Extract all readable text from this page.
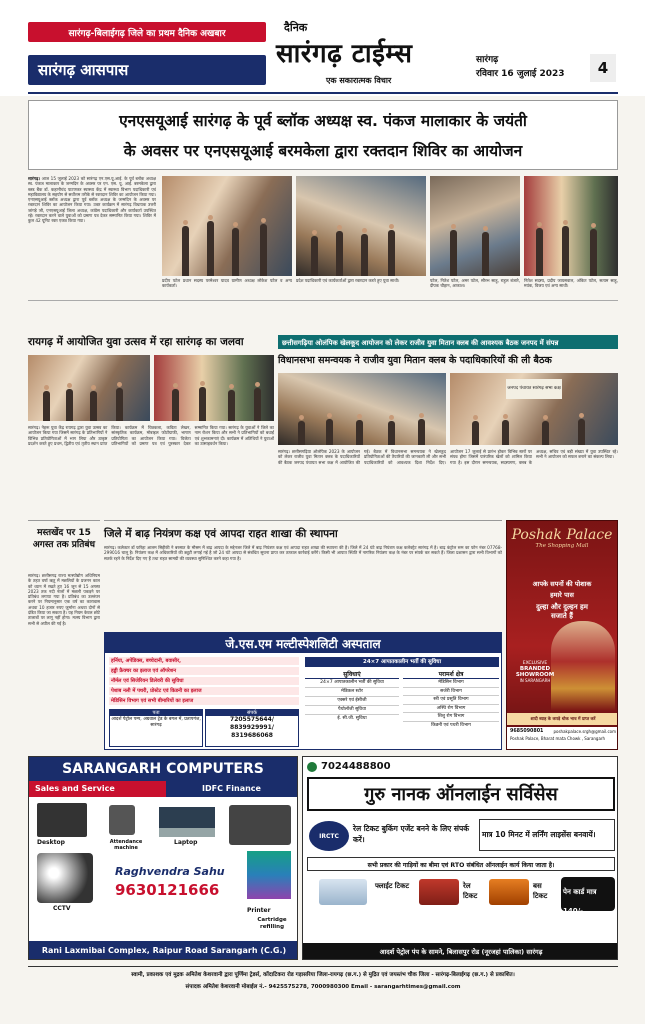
सारंगढ़-बिलाईगढ़ जिले का प्रथम दैनिक अखबार
सारंगढ़ आसपास
दैनिक
सारंगढ़ टाईम्स
एक सकारात्मक विचार
सारंगढ़
रविवार 16 जुलाई 2023 4
एनएसयूआई सारंगढ़ के पूर्व ब्लॉक अध्यक्ष स्व. पंकज मालाकार के जयंती
के अवसर पर एनएसयूआई बरमकेला द्वारा रक्तदान शिविर का आयोजन
सारंगढ़। आज 15 जुलाई 2023 को सारंगढ़ एन.एस.यू.आई. के पूर्व ब्लॉक अध्यक्ष स्व. पंकज मालाकार के जन्मदिन के अवसर पर एन. एस. यू. आई. बरमकेला द्वारा ब्लड बैंक डॉ. कहानीचंद पाटणकर स्वास्थ्य केंद्र में स्वास्थ्य विभाग पदाधिकारी एवं महाविद्यालय के सहयोग से सर्वोत्तम तरीके से रक्तदान शिविर का आयोजन किया गया। एनएसयूआई ब्लॉक अध्यक्ष द्वारा पूर्व ब्लॉक अध्यक्ष के जन्मदिन के अवसर पर रक्तदान शिविर का आयोजन किया गया। उक्त कार्यक्रम में सारंगढ़ विधायक उत्तरी जांगड़े जी, एनएसयूआई जिला अध्यक्ष, कांग्रेस पदाधिकारी और कार्यकर्ता उपस्थित रहे। रक्तदान करने वाले युवाओं को प्रमाण पत्र देकर सम्मानित किया गया। शिविर में कुल 42 यूनिट रक्त एकत्र किया गया।
प्रदीप पटेल प्रधान सदस्य परमेश्वर यादव ग्रामीण अध्यक्ष लोकेश पटेल व अन्य कार्यकर्ता।
प्रदेश पदाधिकारी एवं कार्यकर्ताओं द्वारा रक्तदान करते हुए युवा साथी।	पटेल, नितेश पटेल, अमर पटेल, सौरभ साहू, राहुल बंजारे, दीपक चौहान, आकाश।
नितेश सदस्य, प्रदीप जायसवाल, अंकित पटेल, सत्यम साहू, मयंक, विजय एवं अन्य साथी।
रायगढ़ में आयोजित युवा उत्सव में रहा सारंगढ़ का जलवा
सारंगढ़। नेहरू युवा केंद्र रायगढ़ द्वारा युवा उत्सव का आयोजन किया गया जिसमें सारंगढ़ के प्रतिभागियों ने विभिन्न प्रतियोगिताओं में भाग लिया और उत्कृष्ट प्रदर्शन करते हुए प्रथम, द्वितीय एवं तृतीय स्थान प्राप्त किया। कार्यक्रम में चित्रकला, कविता लेखन, सांस्कृतिक कार्यक्रम, मोबाइल फोटोग्राफी, भाषण प्रतियोगिता का आयोजन किया गया। विजेता प्रतिभागियों को प्रमाण पत्र एवं पुरस्कार देकर सम्मानित किया गया। सारंगढ़ के युवाओं ने जिले का नाम रोशन किया और सभी ने प्रतिभागियों को बधाई एवं शुभकामनाएं दी। कार्यक्रम में अतिथियों ने युवाओं का उत्साहवर्धन किया।
छत्तीसगढ़िया ओलंपिक खेलकूद आयोजन को लेकर राजीव युवा मितान क्लब की आवश्यक बैठक जनपद में संपन्न
विधानसभा समन्वयक ने राजीव युवा मितान क्लब के पदाधिकारियों की ली बैठक
जनपद पंचायत सारंगढ़ सभा कक्ष
सारंगढ़। छत्तीसगढ़िया ओलंपिक 2023 के आयोजन को लेकर राजीव युवा मितान क्लब के पदाधिकारियों की बैठक जनपद पंचायत सभा कक्ष में आयोजित की गई। बैठक में विधानसभा समन्वयक ने खेलकूद प्रतियोगिताओं की तैयारियों की जानकारी ली और सभी पदाधिकारियों को आवश्यक दिशा निर्देश दिए। आयोजन 17 जुलाई से प्रारंभ होकर विभिन्न स्तरों पर संपन्न होगा जिसमें पारंपरिक खेलों को शामिल किया गया है। इस दौरान समन्वयक, सदस्यगण, क्लब के अध्यक्ष, सचिव एवं बड़ी संख्या में युवा उपस्थित रहे। सभी ने आयोजन को सफल बनाने का संकल्प लिया।
मस्तखेंद पर 15 अगस्त तक प्रतिबंध
सारंगढ़। छत्तीसगढ़ राज्य मत्स्योद्योग अधिनियम के तहत वर्षा ऋतु में मछलियों के प्रजनन काल को ध्यान में रखते हुए 16 जून से 15 अगस्त 2023 तक नदी नालों में मछली पकड़ने पर प्रतिबंध लगाया गया है। प्रतिबंध का उल्लंघन करने पर नियमानुसार एक वर्ष का कारावास अथवा 10 हजार रुपए जुर्माना अथवा दोनों से दंडित किया जा सकता है। यह नियम केवल छोटे तालाबों पर लागू नहीं होगा। मत्स्य विभाग द्वारा सभी से अपील की गई है।
जिले में बाढ़ नियंत्रण कक्ष एवं आपदा राहत शाखा की स्थापना
सारंगढ़। कलेक्टर डॉ फरिहा आलम सिद्दीकी ने बरसात के मौसम में बाढ़ आपदा के मद्देनजर जिले में बाढ़ नियंत्रण कक्ष एवं आपदा राहत शाखा की स्थापना की है। जिले में 24 घंटे बाढ़ नियंत्रण कक्ष कलेक्ट्रेट सारंगढ़ में है। बाढ़ कंट्रोल रूम का फोन नंबर 07768-299016 चालू है। नियंत्रण कक्ष में अधिकारियों की ड्यूटी लगाई गई है जो 24 घंटे आपदा से संबंधित सूचना प्राप्त कर तत्काल कार्रवाई करेंगे। किसी भी आपात स्थिति में नागरिक नियंत्रण कक्ष के नंबर पर संपर्क कर सकते हैं। जिला प्रशासन द्वारा सभी विभागों को सतर्क रहने के निर्देश दिए गए हैं तथा राहत सामग्री की व्यवस्था सुनिश्चित करने कहा गया है।
जे.एस.एम मल्टीस्पेशलिटी अस्पताल
हर्निया, अपेंडिक्स, बच्चेदानी, बवासीर,
हड्डी फ्रैक्चर का इलाज एवं ऑपरेशन
नॉर्मल एवं सिजेरियन डिलेवरी की सुविधा
पेशाब नली में पथरी, प्रोस्टेट एवं किडनी का इलाज
मेडिसिन विभाग एवं सभी बीमारियों का इलाज
पता
आदर्श पेट्रोल पम्प, अग्रवाल ट्रेड के बगल में, प्रतापगंज, सारंगढ़
संपर्क
7205575644/
8839929991/
8319686068
24×7 आपातकालीन भर्ती की सुविधा
सुविधाएं
24×7 आपातकालीन भर्ती की सुविधा
मेडिकल स्टोर
एक्सरे एवं ईसीजी
पैथोलॉजी सुविधा
ई. सी.जी. सुविधा
परामर्श क्षेत्र
मेडिसिन विभाग
सर्जरी विभाग
स्त्री एवं प्रसूति विभाग
अस्थि रोग विभाग
शिशु रोग विभाग
किडनी एवं पथरी विभाग
Poshak Palace
The Shopping Mall
आपके सपनों की पोशाक
हमारे पास
दुल्हा और दुल्हन हम
सजाते हैं
EXCLUSIVE
BRANDED
SHOWROOM
IN SARANGARH
शादी ब्याह के कपड़े थोक भाव में प्राप्त करें
9685090801	poshakpalace.srgh@gmail.com
Poshak Palace, Bharat mata Chowk , Sarangarh
SARANGARH COMPUTERS
Sales and Service	IDFC Finance
Desktop	Attendance machine
Laptop
Printer
CCTV
Raghvendra Sahu
9630121666
Cartridge refilling
Rani Laxmibai Complex, Raipur Road Sarangarh (C.G.)
7024488800
गुरु नानक ऑनलाईन सर्विसेस
IRCTC
रेल टिकट बुकिंग एजेंट बनने के लिए संपर्क करें।
मात्र 10 मिनट में लर्निंग लाइसेंस बनवायें।
सभी प्रकार की गाड़ियों का बीमा एवं RTO संबंधित ऑनलाईन कार्य किया जाता है।
फ्लाईट टिकट	रेल टिकट
बस टिकट	पेन कार्ड मात्र 140/-
आदर्श पेट्रोल पंप के सामने, बिलासपुर रोड (नूरजहां पालिका) सारंगढ़
स्वामी, प्रकाशक एवं मुद्रक अमितेश केशरवानी द्वारा पूर्णिमा ट्रेडर्स, कोंदाटिकरा रोड गड़ासरिया जिला-रायगढ़ (छ.ग.) से मुद्रित एवं जयस्तंभ चौक जिला - सारंगढ़-बिलाईगढ़ (छ.ग.) से प्रकाशित।
संपादक अमितेश केशरवानी मोबाईल नं.- 9425575278, 7000980300 Email - sarangarhtimes@gmail.com
